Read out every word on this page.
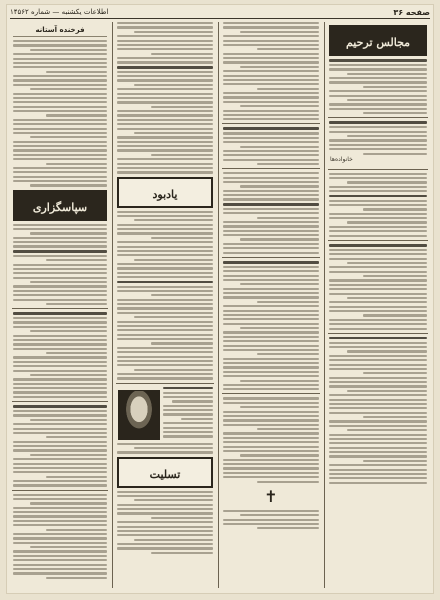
صفحه ۳۶
اطلاعات یکشنبه — شماره ۱۴۵۶۲
مجالس ترحیم
خانواده‌ها
✝
یادبود
تسلیت
فرخنده آستانه
سپاسگزاری
